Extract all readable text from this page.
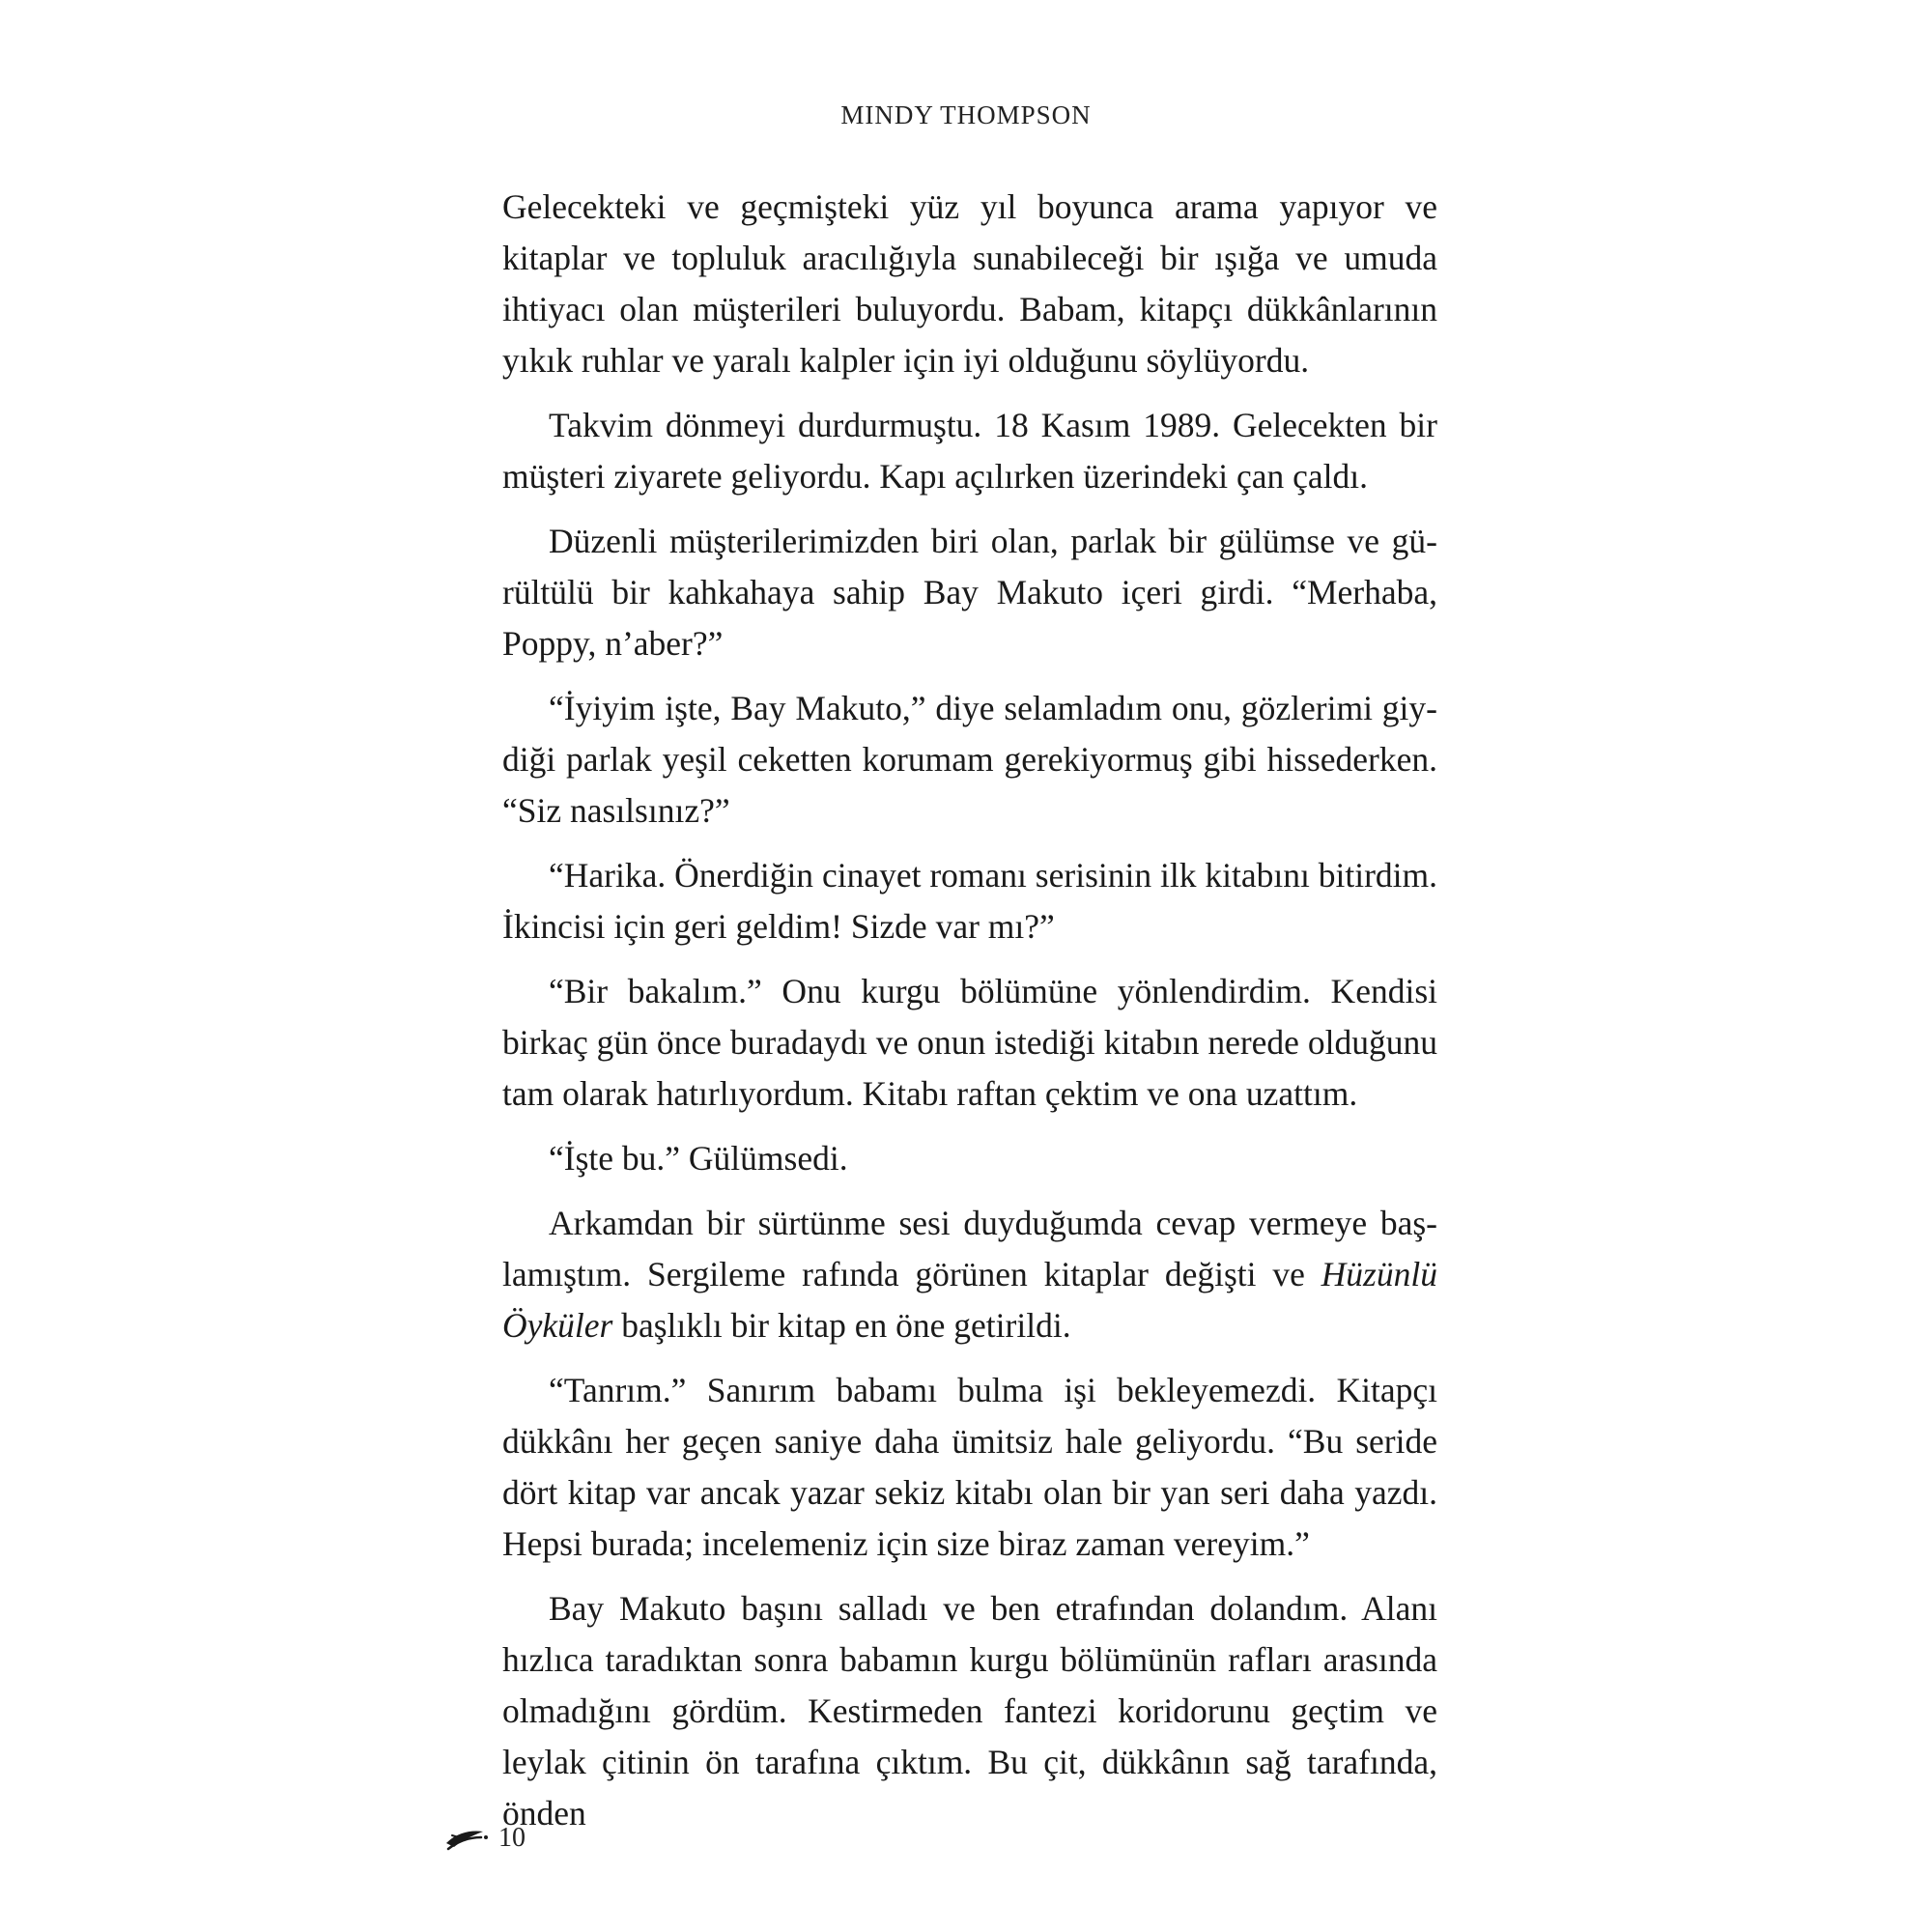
MINDY THOMPSON

Gelecekteki ve geçmişteki yüz yıl boyunca arama yapıyor ve kitaplar ve topluluk aracılığıyla sunabileceği bir ışığa ve umuda ihtiyacı olan müşterileri buluyordu. Babam, kitapçı dükkânlarının yıkık ruhlar ve yaralı kalpler için iyi olduğunu söylüyordu.

Takvim dönmeyi durdurmuştu. 18 Kasım 1989. Gelecekten bir müşteri ziyarete geliyordu. Kapı açılırken üzerindeki çan çaldı.

Düzenli müşterilerimizden biri olan, parlak bir gülümse ve gürültülü bir kahkahaya sahip Bay Makuto içeri girdi. “Merhaba, Poppy, n’aber?”

“İyiyim işte, Bay Makuto,” diye selamladım onu, gözlerimi giydiği parlak yeşil ceketten korumam gerekiyormuş gibi hissederken. “Siz nasılsınız?”

“Harika. Önerdiğin cinayet romanı serisinin ilk kitabını bitirdim. İkincisi için geri geldim! Sizde var mı?”

“Bir bakalım.” Onu kurgu bölümüne yönlendirdim. Kendisi birkaç gün önce buradaydı ve onun istediği kitabın nerede olduğunu tam olarak hatırlıyordum. Kitabı raftan çektim ve ona uzattım.

“İşte bu.” Gülümsedi.

Arkamdan bir sürtünme sesi duyduğumda cevap vermeye başlamıştım. Sergileme rafında görünen kitaplar değişti ve Hüzünlü Öyküler başlıklı bir kitap en öne getirildi.

“Tanrım.” Sanırım babamı bulma işi bekleyemezdi. Kitapçı dükkânı her geçen saniye daha ümitsiz hale geliyordu. “Bu seride dört kitap var ancak yazar sekiz kitabı olan bir yan seri daha yazdı. Hepsi burada; incelemeniz için size biraz zaman vereyim.”

Bay Makuto başını salladı ve ben etrafından dolandım. Alanı hızlıca taradıktan sonra babamın kurgu bölümünün rafları arasında olmadığını gördüm. Kestirmeden fantezi koridorunu geçtim ve leylak çitinin ön tarafına çıktım. Bu çit, dükkânın sağ tarafında, önden

10
